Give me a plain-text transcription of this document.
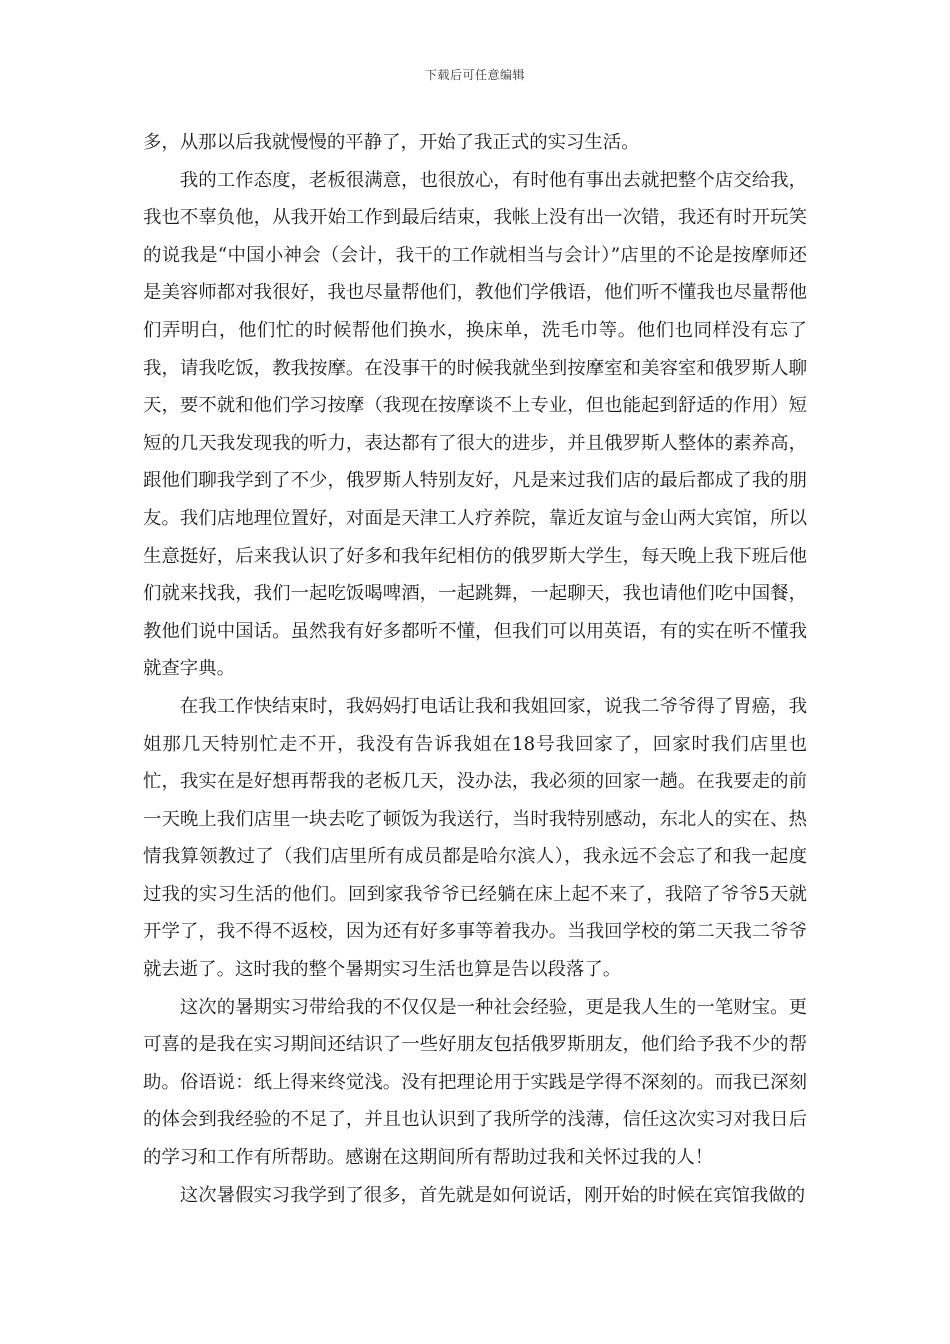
下载后可任意编辑

多，从那以后我就慢慢的平静了，开始了我正式的实习生活。

我的工作态度，老板很满意，也很放心，有时他有事出去就把整个店交给我，我也不辜负他，从我开始工作到最后结束，我帐上没有出一次错，我还有时开玩笑的说我是“中国小神会（会计，我干的工作就相当与会计）”店里的不论是按摩师还是美容师都对我很好，我也尽量帮他们，教他们学俄语，他们听不懂我也尽量帮他们弄明白，他们忙的时候帮他们换水，换床单，洗毛巾等。他们也同样没有忘了我，请我吃饭，教我按摩。在没事干的时候我就坐到按摩室和美容室和俄罗斯人聊天，要不就和他们学习按摩（我现在按摩谈不上专业，但也能起到舒适的作用）短短的几天我发现我的听力，表达都有了很大的进步，并且俄罗斯人整体的素养高，跟他们聊我学到了不少，俄罗斯人特别友好，凡是来过我们店的最后都成了我的朋友。我们店地理位置好，对面是天津工人疗养院，靠近友谊与金山两大宾馆，所以生意挺好，后来我认识了好多和我年纪相仿的俄罗斯大学生，每天晚上我下班后他们就来找我，我们一起吃饭喝啤酒，一起跳舞，一起聊天，我也请他们吃中国餐，教他们说中国话。虽然我有好多都听不懂，但我们可以用英语，有的实在听不懂我就查字典。

在我工作快结束时，我妈妈打电话让我和我姐回家，说我二爷爷得了胃癌，我姐那几天特别忙走不开，我没有告诉我姐在18号我回家了，回家时我们店里也忙，我实在是好想再帮我的老板几天，没办法，我必须的回家一趟。在我要走的前一天晚上我们店里一块去吃了顿饭为我送行，当时我特别感动，东北人的实在、热情我算领教过了（我们店里所有成员都是哈尔滨人），我永远不会忘了和我一起度过我的实习生活的他们。回到家我爷爷已经躺在床上起不来了，我陪了爷爷5天就开学了，我不得不返校，因为还有好多事等着我办。当我回学校的第二天我二爷爷就去逝了。这时我的整个暑期实习生活也算是告以段落了。

这次的暑期实习带给我的不仅仅是一种社会经验，更是我人生的一笔财宝。更可喜的是我在实习期间还结识了一些好朋友包括俄罗斯朋友，他们给予我不少的帮助。俗语说：纸上得来终觉浅。没有把理论用于实践是学得不深刻的。而我已深刻的体会到我经验的不足了，并且也认识到了我所学的浅薄，信任这次实习对我日后的学习和工作有所帮助。感谢在这期间所有帮助过我和关怀过我的人！

这次暑假实习我学到了很多，首先就是如何说话，刚开始的时候在宾馆我做的
